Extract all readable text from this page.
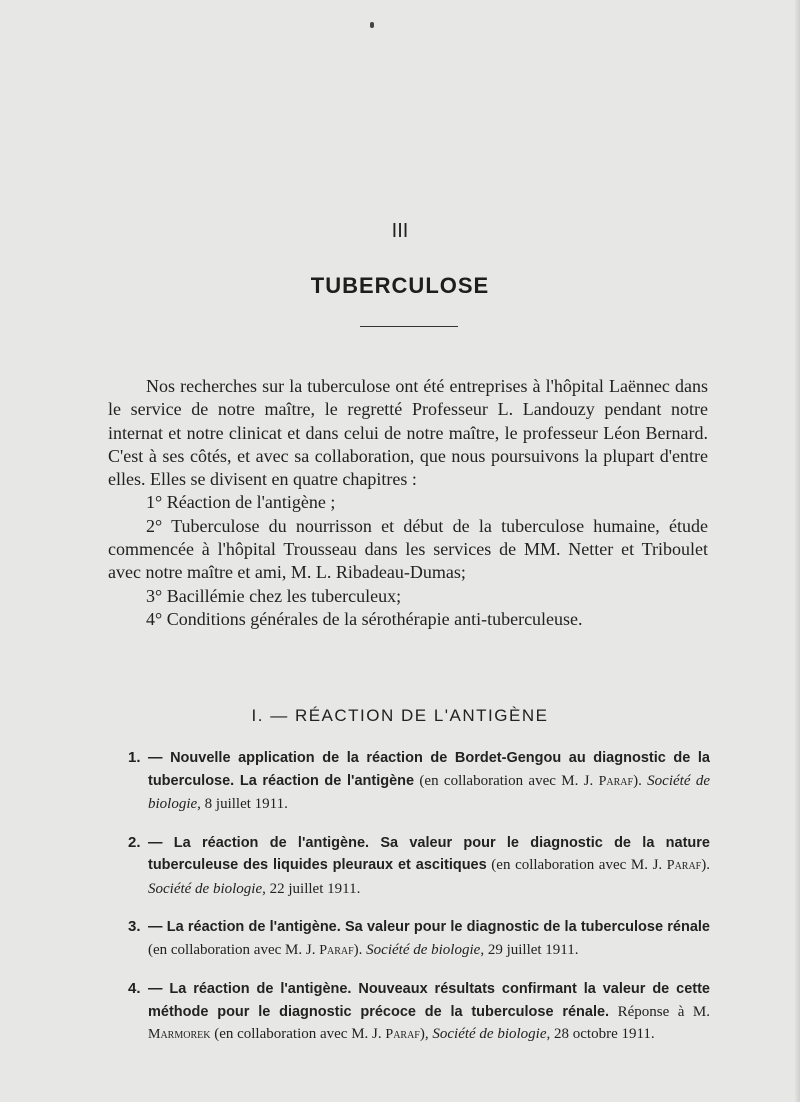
III
TUBERCULOSE

Nos recherches sur la tuberculose ont été entreprises à l'hôpital Laënnec dans le service de notre maître, le regretté Professeur L. Landouzy pendant notre internat et notre clinicat et dans celui de notre maître, le professeur Léon Bernard. C'est à ses côtés, et avec sa collaboration, que nous poursuivons la plupart d'entre elles. Elles se divisent en quatre chapitres :

1° Réaction de l'antigène ;

2° Tuberculose du nourrisson et début de la tuberculose humaine, étude commencée à l'hôpital Trousseau dans les services de MM. Netter et Triboulet avec notre maître et ami, M. L. Ribadeau-Dumas;

3° Bacillémie chez les tuberculeux;

4° Conditions générales de la sérothérapie anti-tuberculeuse.

I. — RÉACTION DE L'ANTIGÈNE
1. — Nouvelle application de la réaction de Bordet-Gengou au diagnostic de la tuberculose. La réaction de l'antigène (en collaboration avec M. J. Paraf). Société de biologie, 8 juillet 1911.
2. — La réaction de l'antigène. Sa valeur pour le diagnostic de la nature tuberculeuse des liquides pleuraux et ascitiques (en collaboration avec M. J. Paraf). Société de biologie, 22 juillet 1911.
3. — La réaction de l'antigène. Sa valeur pour le diagnostic de la tuberculose rénale (en collaboration avec M. J. Paraf). Société de biologie, 29 juillet 1911.
4. — La réaction de l'antigène. Nouveaux résultats confirmant la valeur de cette méthode pour le diagnostic précoce de la tuberculose rénale. Réponse à M. Marmorek (en collaboration avec M. J. Paraf), Société de biologie, 28 octobre 1911.
